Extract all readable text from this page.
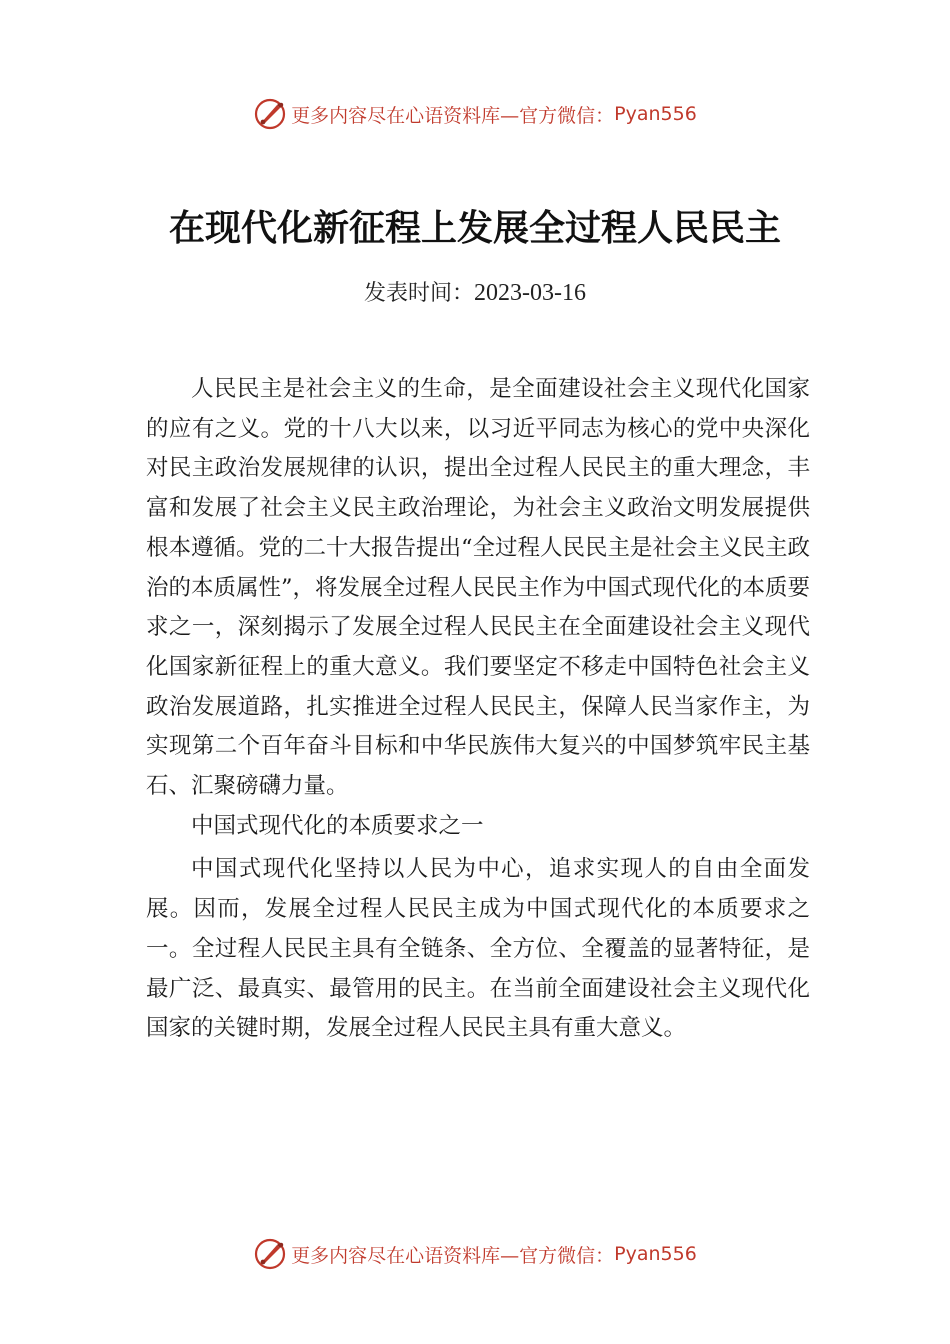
更多内容尽在心语资料库—官方微信： Pyan556
在现代化新征程上发展全过程人民民主
发表时间：2023-03-16

人民民主是社会主义的生命，是全面建设社会主义现代化国家的应有之义。党的十八大以来，以习近平同志为核心的党中央深化对民主政治发展规律的认识，提出全过程人民民主的重大理念，丰富和发展了社会主义民主政治理论，为社会主义政治文明发展提供根本遵循。党的二十大报告提出“全过程人民民主是社会主义民主政治的本质属性”，将发展全过程人民民主作为中国式现代化的本质要求之一，深刻揭示了发展全过程人民民主在全面建设社会主义现代化国家新征程上的重大意义。我们要坚定不移走中国特色社会主义政治发展道路，扎实推进全过程人民民主，保障人民当家作主，为实现第二个百年奋斗目标和中华民族伟大复兴的中国梦筑牢民主基石、汇聚磅礴力量。

中国式现代化的本质要求之一

中国式现代化坚持以人民为中心，追求实现人的自由全面发展。因而，发展全过程人民民主成为中国式现代化的本质要求之一。全过程人民民主具有全链条、全方位、全覆盖的显著特征，是最广泛、最真实、最管用的民主。在当前全面建设社会主义现代化国家的关键时期，发展全过程人民民主具有重大意义。

更多内容尽在心语资料库—官方微信： Pyan556
